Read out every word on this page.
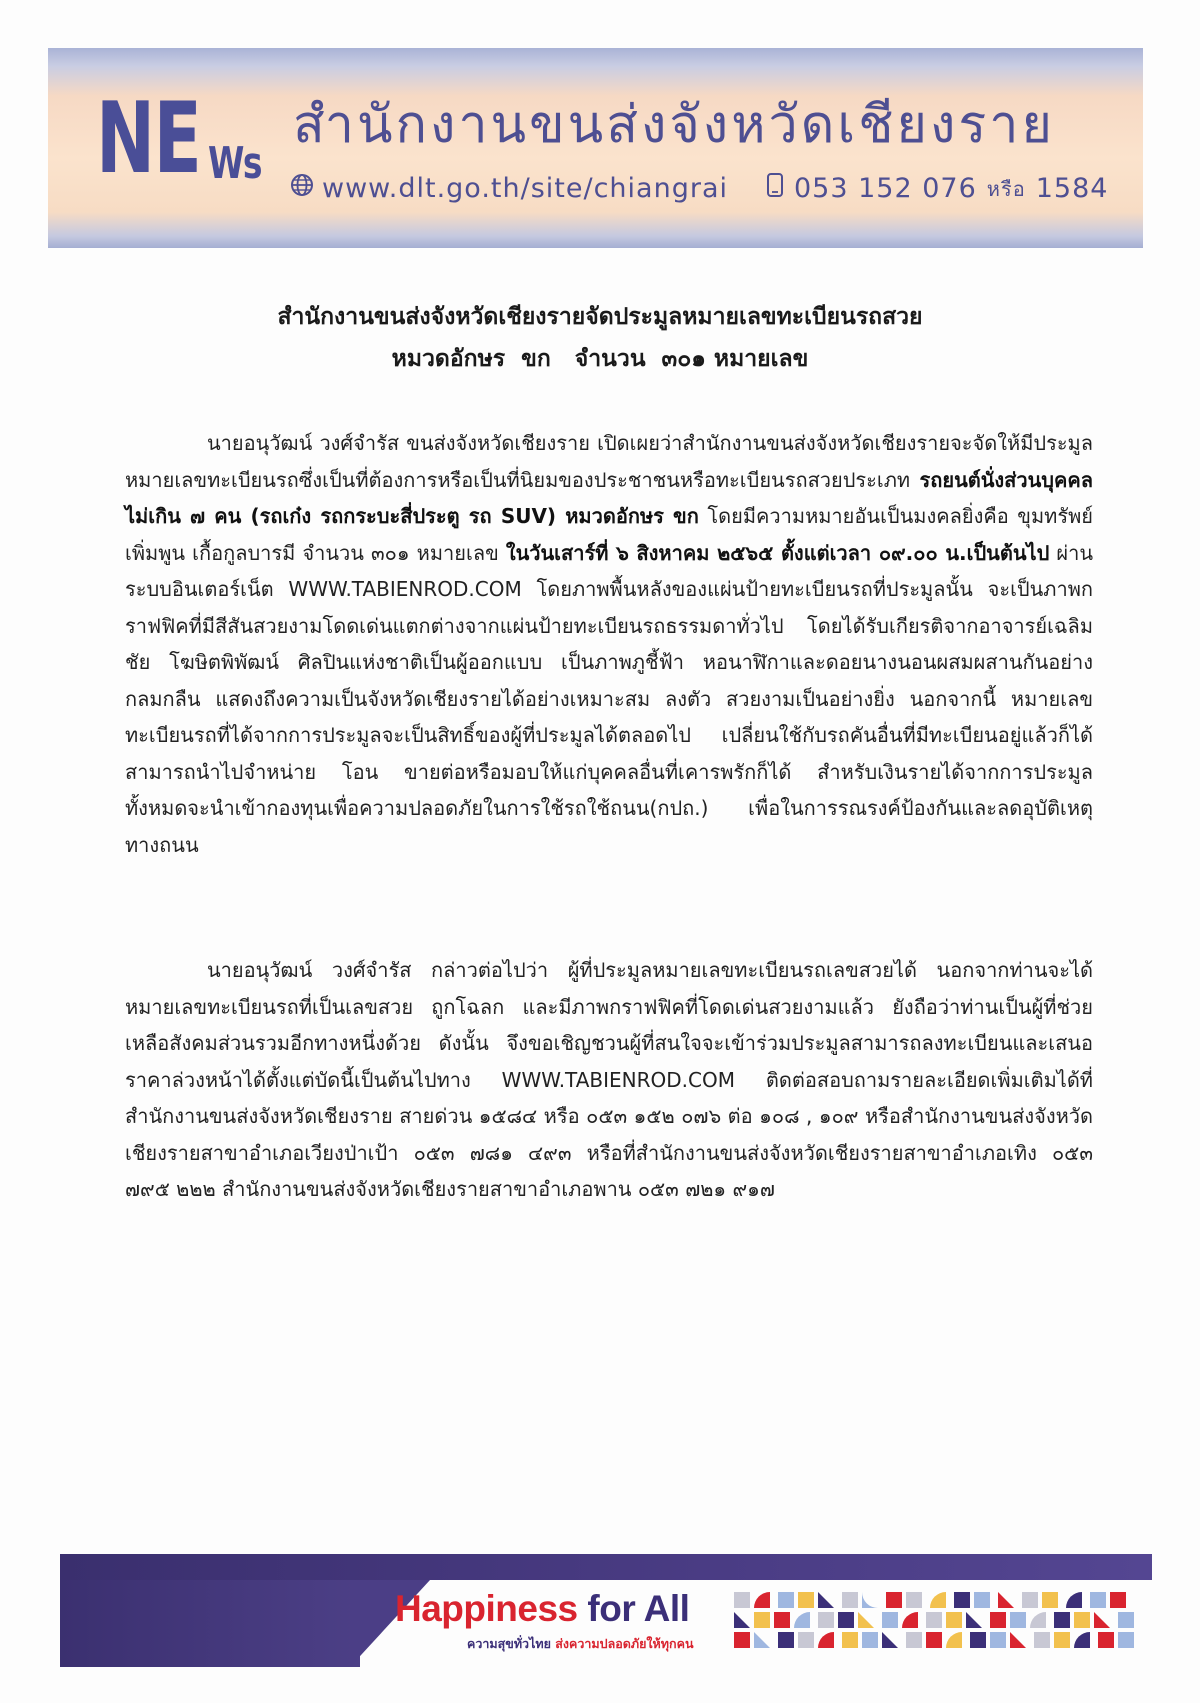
NE Ws
สำนักงานขนส่งจังหวัดเชียงราย
www.dlt.go.th/site/chiangrai 053 152 076 หรือ 1584
สำนักงานขนส่งจังหวัดเชียงรายจัดประมูลหมายเลขทะเบียนรถสวย
หมวดอักษร  ขก   จำนวน  ๓๐๑ หมายเลข

นายอนุวัฒน์ วงศ์จำรัส ขนส่งจังหวัดเชียงราย เปิดเผยว่าสำนักงานขนส่งจังหวัดเชียงรายจะจัดให้มีประมูลหมายเลขทะเบียนรถซึ่งเป็นที่ต้องการหรือเป็นที่นิยมของประชาชนหรือทะเบียนรถสวยประเภท รถยนต์นั่งส่วนบุคคลไม่เกิน ๗ คน (รถเก๋ง รถกระบะสี่ประตู รถ SUV) หมวดอักษร ขก โดยมีความหมายอันเป็นมงคลยิ่งคือ ขุมทรัพย์ เพิ่มพูน เกื้อกูลบารมี จำนวน ๓๐๑ หมายเลข ในวันเสาร์ที่ ๖ สิงหาคม ๒๕๖๕ ตั้งแต่เวลา ๐๙.๐๐ น.เป็นต้นไป ผ่านระบบอินเตอร์เน็ต WWW.TABIENROD.COM โดยภาพพื้นหลังของแผ่นป้ายทะเบียนรถที่ประมูลนั้น จะเป็นภาพกราฟฟิคที่มีสีสันสวยงามโดดเด่นแตกต่างจากแผ่นป้ายทะเบียนรถธรรมดาทั่วไป โดยได้รับเกียรติจากอาจารย์เฉลิมชัย โฆษิตพิพัฒน์ ศิลปินแห่งชาติเป็นผู้ออกแบบ เป็นภาพภูชี้ฟ้า หอนาฬิกาและดอยนางนอนผสมผสานกันอย่างกลมกลืน แสดงถึงความเป็นจังหวัดเชียงรายได้อย่างเหมาะสม ลงตัว สวยงามเป็นอย่างยิ่ง นอกจากนี้ หมายเลขทะเบียนรถที่ได้จากการประมูลจะเป็นสิทธิ์ของผู้ที่ประมูลได้ตลอดไป เปลี่ยนใช้กับรถคันอื่นที่มีทะเบียนอยู่แล้วก็ได้ สามารถนำไปจำหน่าย โอน ขายต่อหรือมอบให้แก่บุคคลอื่นที่เคารพรักก็ได้ สำหรับเงินรายได้จากการประมูลทั้งหมดจะนำเข้ากองทุนเพื่อความปลอดภัยในการใช้รถใช้ถนน(กปถ.) เพื่อในการรณรงค์ป้องกันและลดอุบัติเหตุทางถนน

นายอนุวัฒน์ วงศ์จำรัส กล่าวต่อไปว่า ผู้ที่ประมูลหมายเลขทะเบียนรถเลขสวยได้ นอกจากท่านจะได้หมายเลขทะเบียนรถที่เป็นเลขสวย ถูกโฉลก และมีภาพกราฟฟิคที่โดดเด่นสวยงามแล้ว ยังถือว่าท่านเป็นผู้ที่ช่วยเหลือสังคมส่วนรวมอีกทางหนึ่งด้วย ดังนั้น จึงขอเชิญชวนผู้ที่สนใจจะเข้าร่วมประมูลสามารถลงทะเบียนและเสนอราคาล่วงหน้าได้ตั้งแต่บัดนี้เป็นต้นไปทาง WWW.TABIENROD.COM ติดต่อสอบถามรายละเอียดเพิ่มเติมได้ที่สำนักงานขนส่งจังหวัดเชียงราย สายด่วน ๑๕๘๔ หรือ ๐๕๓ ๑๕๒ ๐๗๖ ต่อ ๑๐๘ , ๑๐๙ หรือสำนักงานขนส่งจังหวัดเชียงรายสาขาอำเภอเวียงป่าเป้า ๐๕๓ ๗๘๑ ๔๙๓ หรือที่สำนักงานขนส่งจังหวัดเชียงรายสาขาอำเภอเทิง ๐๕๓ ๗๙๕ ๒๒๒ สำนักงานขนส่งจังหวัดเชียงรายสาขาอำเภอพาน ๐๕๓ ๗๒๑ ๙๑๗

Happiness for All
ความสุขทั่วไทย ส่งความปลอดภัยให้ทุกคน
